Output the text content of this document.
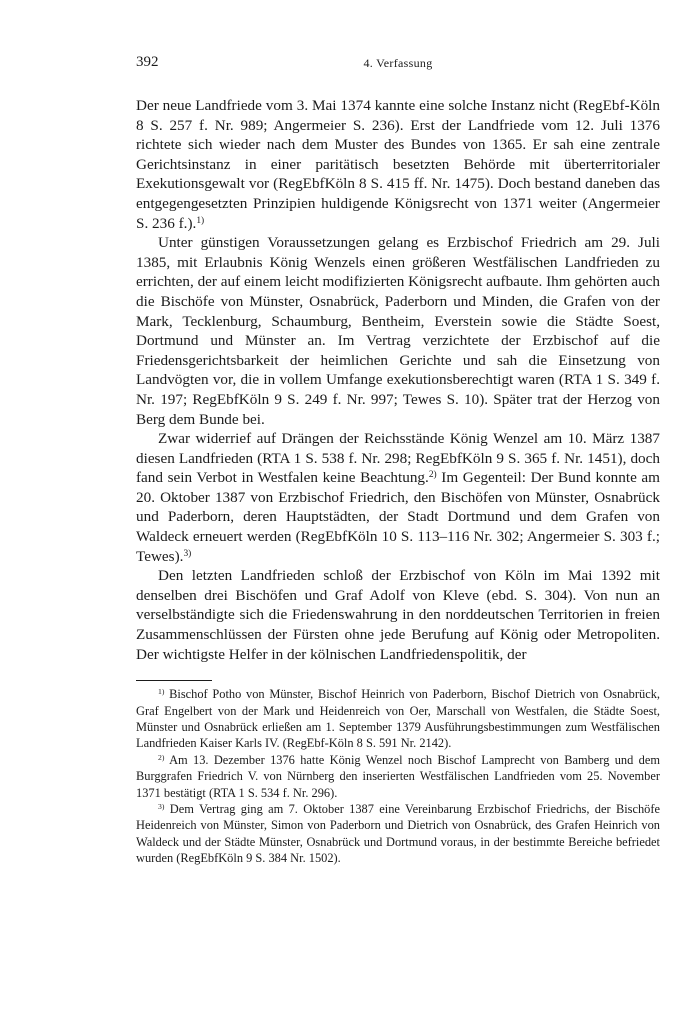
392	4. Verfassung

Der neue Landfriede vom 3. Mai 1374 kannte eine solche Instanz nicht (RegEbf-Köln 8 S. 257 f. Nr. 989; Angermeier S. 236). Erst der Landfriede vom 12. Juli 1376 richtete sich wieder nach dem Muster des Bundes von 1365. Er sah eine zentrale Gerichtsinstanz in einer paritätisch besetzten Behörde mit überterritorialer Exekutionsgewalt vor (RegEbfKöln 8 S. 415 ff. Nr. 1475). Doch bestand daneben das entgegengesetzten Prinzipien huldigende Königsrecht von 1371 weiter (Angermeier S. 236 f.).$^{1)}$

Unter günstigen Voraussetzungen gelang es Erzbischof Friedrich am 29. Juli 1385, mit Erlaubnis König Wenzels einen größeren Westfälischen Landfrieden zu errichten, der auf einem leicht modifizierten Königsrecht aufbaute. Ihm gehörten auch die Bischöfe von Münster, Osnabrück, Paderborn und Minden, die Grafen von der Mark, Tecklenburg, Schaumburg, Bentheim, Everstein sowie die Städte Soest, Dortmund und Münster an. Im Vertrag verzichtete der Erzbischof auf die Friedensgerichtsbarkeit der heimlichen Gerichte und sah die Einsetzung von Landvögten vor, die in vollem Umfange exekutionsberechtigt waren (RTA 1 S. 349 f. Nr. 197; RegEbfKöln 9 S. 249 f. Nr. 997; Tewes S. 10). Später trat der Herzog von Berg dem Bunde bei.

Zwar widerrief auf Drängen der Reichsstände König Wenzel am 10. März 1387 diesen Landfrieden (RTA 1 S. 538 f. Nr. 298; RegEbfKöln 9 S. 365 f. Nr. 1451), doch fand sein Verbot in Westfalen keine Beachtung.$^{2)}$ Im Gegenteil: Der Bund konnte am 20. Oktober 1387 von Erzbischof Friedrich, den Bischöfen von Münster, Osnabrück und Paderborn, deren Hauptstädten, der Stadt Dortmund und dem Grafen von Waldeck erneuert werden (RegEbfKöln 10 S. 113–116 Nr. 302; Angermeier S. 303 f.; Tewes).$^{3)}$

Den letzten Landfrieden schloß der Erzbischof von Köln im Mai 1392 mit denselben drei Bischöfen und Graf Adolf von Kleve (ebd. S. 304). Von nun an verselbständigte sich die Friedenswahrung in den norddeutschen Territorien in freien Zusammenschlüssen der Fürsten ohne jede Berufung auf König oder Metropoliten. Der wichtigste Helfer in der kölnischen Landfriedenspolitik, der

$^{1)}$ Bischof Potho von Münster, Bischof Heinrich von Paderborn, Bischof Dietrich von Osnabrück, Graf Engelbert von der Mark und Heidenreich von Oer, Marschall von Westfalen, die Städte Soest, Münster und Osnabrück erließen am 1. September 1379 Ausführungsbestimmungen zum Westfälischen Landfrieden Kaiser Karls IV. (RegEbf-Köln 8 S. 591 Nr. 2142).

$^{2)}$ Am 13. Dezember 1376 hatte König Wenzel noch Bischof Lamprecht von Bamberg und dem Burggrafen Friedrich V. von Nürnberg den inserierten Westfälischen Landfrieden vom 25. November 1371 bestätigt (RTA 1 S. 534 f. Nr. 296).

$^{3)}$ Dem Vertrag ging am 7. Oktober 1387 eine Vereinbarung Erzbischof Friedrichs, der Bischöfe Heidenreich von Münster, Simon von Paderborn und Dietrich von Osnabrück, des Grafen Heinrich von Waldeck und der Städte Münster, Osnabrück und Dortmund voraus, in der bestimmte Bereiche befriedet wurden (RegEbfKöln 9 S. 384 Nr. 1502).
